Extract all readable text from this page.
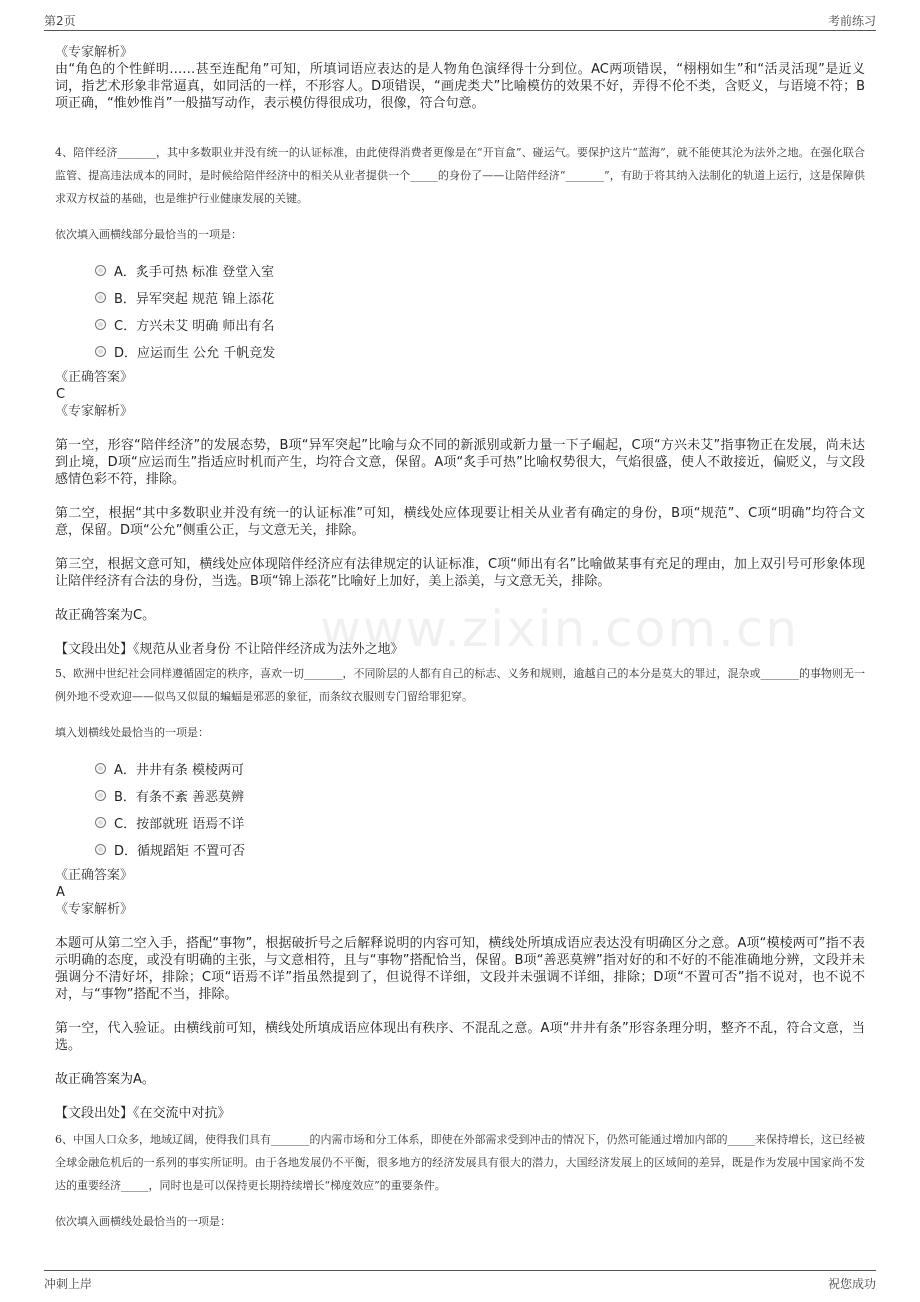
第2页	考前练习
www.zixin.com.cn
《专家解析》

由“角色的个性鲜明……甚至连配角”可知，所填词语应表达的是人物角色演绎得十分到位。AC两项错误，“栩栩如生”和“活灵活现”是近义词，指艺术形象非常逼真，如同活的一样，不形容人。D项错误，“画虎类犬”比喻模仿的效果不好，弄得不伦不类，含贬义，与语境不符；B项正确，“惟妙惟肖”一般描写动作，表示模仿得很成功，很像，符合句意。

4、陪伴经济_______，其中多数职业并没有统一的认证标准，由此使得消费者更像是在“开盲盒”、碰运气。要保护这片“蓝海”，就不能使其沦为法外之地。在强化联合监管、提高违法成本的同时，是时候给陪伴经济中的相关从业者提供一个_____的身份了——让陪伴经济“_______”，有助于将其纳入法制化的轨道上运行，这是保障供求双方权益的基础，也是维护行业健康发展的关键。

依次填入画横线部分最恰当的一项是：

A．炙手可热 标准 登堂入室
B．异军突起 规范 锦上添花
C．方兴未艾 明确 师出有名
D．应运而生 公允 千帆竞发
《正确答案》
C
《专家解析》

第一空，形容“陪伴经济”的发展态势，B项“异军突起”比喻与众不同的新派别或新力量一下子崛起，C项“方兴未艾”指事物正在发展，尚未达到止境，D项“应运而生”指适应时机而产生，均符合文意，保留。A项“炙手可热”比喻权势很大，气焰很盛，使人不敢接近，偏贬义，与文段感情色彩不符，排除。

第二空，根据“其中多数职业并没有统一的认证标准”可知，横线处应体现要让相关从业者有确定的身份，B项“规范”、C项“明确”均符合文意，保留。D项“公允”侧重公正，与文意无关，排除。

第三空，根据文意可知，横线处应体现陪伴经济应有法律规定的认证标准，C项“师出有名”比喻做某事有充足的理由，加上双引号可形象体现让陪伴经济有合法的身份，当选。B项“锦上添花”比喻好上加好，美上添美，与文意无关，排除。

故正确答案为C。

【文段出处】《规范从业者身份 不让陪伴经济成为法外之地》

5、欧洲中世纪社会同样遵循固定的秩序，喜欢一切_______，不同阶层的人都有自己的标志、义务和规则，逾越自己的本分是莫大的罪过，混杂或_______的事物则无一例外地不受欢迎——似鸟又似鼠的蝙蝠是邪恶的象征，而条纹衣服则专门留给罪犯穿。

填入划横线处最恰当的一项是：

A．井井有条 模棱两可
B．有条不紊 善恶莫辨
C．按部就班 语焉不详
D．循规蹈矩 不置可否
《正确答案》
A
《专家解析》

本题可从第二空入手，搭配“事物”，根据破折号之后解释说明的内容可知，横线处所填成语应表达没有明确区分之意。A项“模棱两可”指不表示明确的态度，或没有明确的主张，与文意相符，且与“事物”搭配恰当，保留。B项“善恶莫辨”指对好的和不好的不能准确地分辨，文段并未强调分不清好坏，排除；C项“语焉不详”指虽然提到了，但说得不详细，文段并未强调不详细，排除；D项“不置可否”指不说对，也不说不对，与“事物”搭配不当，排除。

第一空，代入验证。由横线前可知，横线处所填成语应体现出有秩序、不混乱之意。A项“井井有条”形容条理分明，整齐不乱，符合文意，当选。

故正确答案为A。

【文段出处】《在交流中对抗》

6、中国人口众多，地域辽阔，使得我们具有_______的内需市场和分工体系，即使在外部需求受到冲击的情况下，仍然可能通过增加内部的_____来保持增长，这已经被全球金融危机后的一系列的事实所证明。由于各地发展仍不平衡，很多地方的经济发展具有很大的潜力，大国经济发展上的区域间的差异，既是作为发展中国家尚不发达的重要经济_____，同时也是可以保持更长期持续增长“梯度效应”的重要条件。

依次填入画横线处最恰当的一项是：

冲刺上岸	祝您成功
